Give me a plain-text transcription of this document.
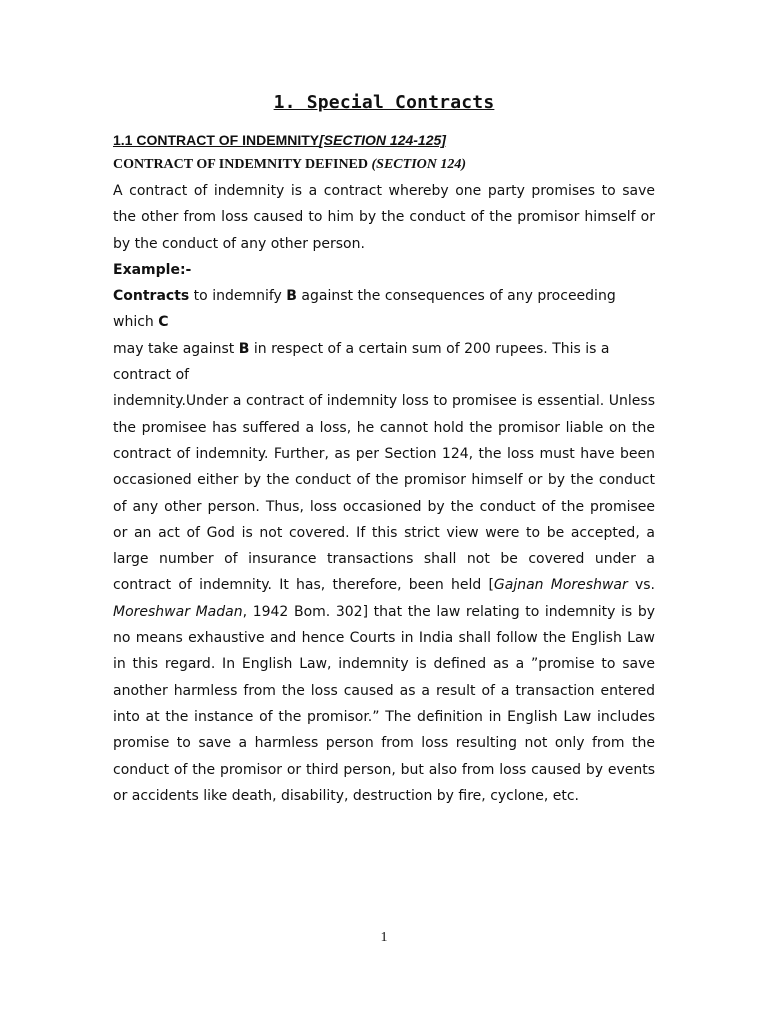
1. Special Contracts

1.1 CONTRACT OF INDEMNITY[SECTION 124-125]

CONTRACT OF INDEMNITY DEFINED (SECTION 124)

A contract of indemnity is a contract whereby one party promises to save the other from loss caused to him by the conduct of the promisor himself or by the conduct of any other person.

Example:-

Contracts to indemnify B against the consequences of any proceeding which C

may take against B in respect of a certain sum of 200 rupees. This is a contract of

indemnity.Under a contract of indemnity loss to promisee is essential. Unless the promisee has suffered a loss, he cannot hold the promisor liable on the contract of indemnity. Further, as per Section 124, the loss must have been occasioned either by the conduct of the promisor himself or by the conduct of any other person. Thus, loss occasioned by the conduct of the promisee or an act of God is not covered. If this strict view were to be accepted, a large number of insurance transactions shall not be covered under a contract of indemnity. It has, therefore, been held [Gajnan Moreshwar vs. Moreshwar Madan, 1942 Bom. 302] that the law relating to indemnity is by no means exhaustive and hence Courts in India shall follow the English Law in this regard. In English Law, indemnity is defined as a ”promise to save another harmless from the loss caused as a result of a transaction entered into at the instance of the promisor.” The definition in English Law includes promise to save a harmless person from loss resulting not only from the conduct of the promisor or third person, but also from loss caused by events or accidents like death, disability, destruction by fire, cyclone, etc.

1
